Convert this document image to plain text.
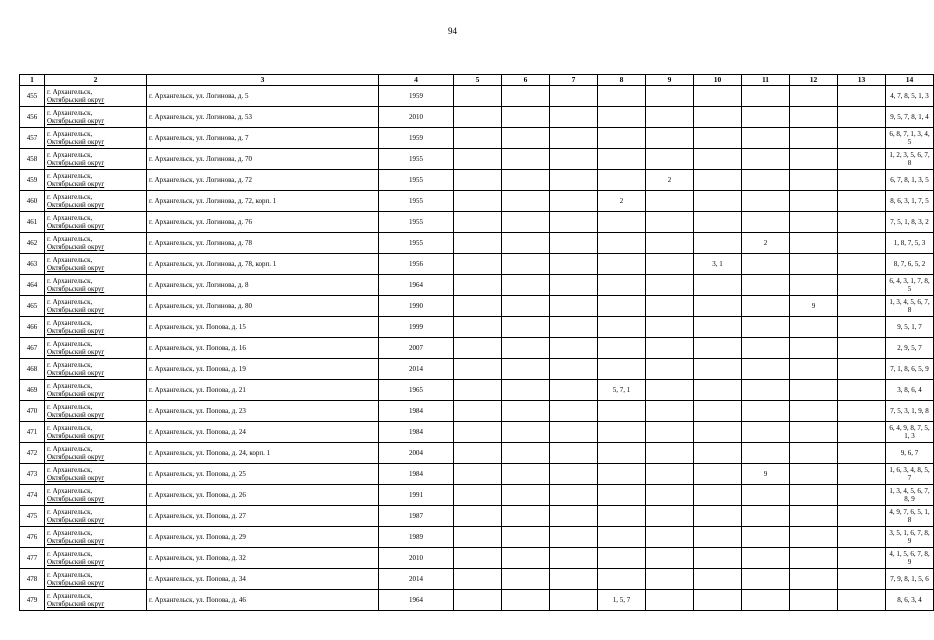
94
1	2	3	4	5	6	7	8	9	10	11	12	13	14
455	г. Архангельск,
Октябрьский округ	г. Архангельск, ул. Логинова, д. 5	1959										4, 7, 8, 5, 1, 3
456	г. Архангельск,
Октябрьский округ	г. Архангельск, ул. Логинова, д. 53	2010										9, 5, 7, 8, 1, 4
457	г. Архангельск,
Октябрьский округ	г. Архангельск, ул. Логинова, д. 7	1959										6, 8, 7, 1, 3, 4, 5
458	г. Архангельск,
Октябрьский округ	г. Архангельск, ул. Логинова, д. 70	1955										1, 2, 3, 5, 6, 7, 8
459	г. Архангельск,
Октябрьский округ	г. Архангельск, ул. Логинова, д. 72	1955					2					6, 7, 8, 1, 3, 5
460	г. Архангельск,
Октябрьский округ	г. Архангельск, ул. Логинова, д. 72, корп. 1	1955				2						8, 6, 3, 1, 7, 5
461	г. Архангельск,
Октябрьский округ	г. Архангельск, ул. Логинова, д. 76	1955										7, 5, 1, 8, 3, 2
462	г. Архангельск,
Октябрьский округ	г. Архангельск, ул. Логинова, д. 78	1955							2			1, 8, 7, 5, 3
463	г. Архангельск,
Октябрьский округ	г. Архангельск, ул. Логинова, д. 78, корп. 1	1956						3, 1				8, 7, 6, 5, 2
464	г. Архангельск,
Октябрьский округ	г. Архангельск, ул. Логинова, д. 8	1964										6, 4, 3, 1, 7, 8, 5
465	г. Архангельск,
Октябрьский округ	г. Архангельск, ул. Логинова, д. 80	1990								9		1, 3, 4, 5, 6, 7, 8
466	г. Архангельск,
Октябрьский округ	г. Архангельск, ул. Попова, д. 15	1999										9, 5, 1, 7
467	г. Архангельск,
Октябрьский округ	г. Архангельск, ул. Попова, д. 16	2007										2, 9, 5, 7
468	г. Архангельск,
Октябрьский округ	г. Архангельск, ул. Попова, д. 19	2014										7, 1, 8, 6, 5, 9
469	г. Архангельск,
Октябрьский округ	г. Архангельск, ул. Попова, д. 21	1965				5, 7, 1						3, 8, 6, 4
470	г. Архангельск,
Октябрьский округ	г. Архангельск, ул. Попова, д. 23	1984										7, 5, 3, 1, 9, 8
471	г. Архангельск,
Октябрьский округ	г. Архангельск, ул. Попова, д. 24	1984										6, 4, 9, 8, 7, 5, 1, 3
472	г. Архангельск,
Октябрьский округ	г. Архангельск, ул. Попова, д. 24, корп. 1	2004										9, 6, 7
473	г. Архангельск,
Октябрьский округ	г. Архангельск, ул. Попова, д. 25	1984							9			1, 6, 3, 4, 8, 5, 7
474	г. Архангельск,
Октябрьский округ	г. Архангельск, ул. Попова, д. 26	1991										1, 3, 4, 5, 6, 7, 8, 9
475	г. Архангельск,
Октябрьский округ	г. Архангельск, ул. Попова, д. 27	1987										4, 9, 7, 6, 5, 1, 8
476	г. Архангельск,
Октябрьский округ	г. Архангельск, ул. Попова, д. 29	1989										3, 5, 1, 6, 7, 8, 9
477	г. Архангельск,
Октябрьский округ	г. Архангельск, ул. Попова, д. 32	2010										4, 1, 5, 6, 7, 8, 9
478	г. Архангельск,
Октябрьский округ	г. Архангельск, ул. Попова, д. 34	2014										7, 9, 8, 1, 5, 6
479	г. Архангельск,
Октябрьский округ	г. Архангельск, ул. Попова, д. 46	1964				1, 5, 7						8, 6, 3, 4
